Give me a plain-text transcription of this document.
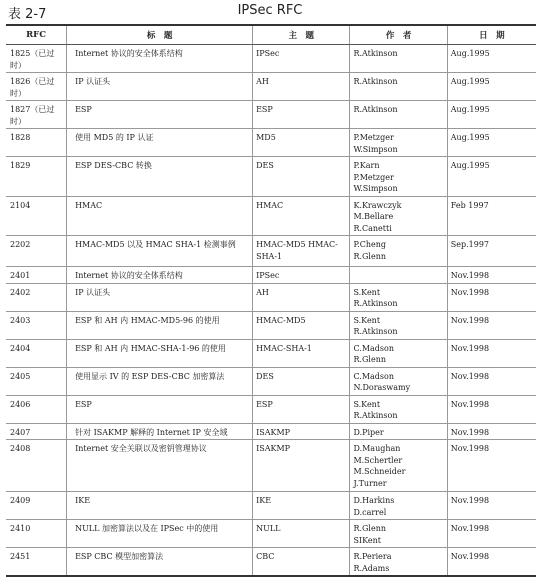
表 2-7	IPSec RFC
RFC	标　题	主　题	作　者	日　期
1825（已过时）	Internet 协议的安全体系结构	IPSec	R.Atkinson	Aug.1995
1826（已过时）	IP 认证头	AH	R.Atkinson	Aug.1995
1827（已过时）	ESP	ESP	R.Atkinson	Aug.1995
1828	使用 MD5 的 IP 认证	MD5	P.Metzger
W.Simpson	Aug.1995
1829	ESP DES-CBC 转换	DES	P.Karn
P.Metzger
W.Simpson	Aug.1995
2104	HMAC	HMAC	K.Krawczyk
M.Bellare
R.Canetti	Feb 1997
2202	HMAC-MD5 以及 HMAC SHA-1 检测事例	HMAC-MD5 HMAC-SHA-1	P.Cheng
R.Glenn	Sep.1997
2401	Internet 协议的安全体系结构	IPSec		Nov.1998
2402	IP 认证头	AH	S.Kent
R.Atkinson	Nov.1998
2403	ESP 和 AH 内 HMAC-MD5-96 的使用	HMAC-MD5	S.Kent
R.Atkinson	Nov.1998
2404	ESP 和 AH 内 HMAC-SHA-1-96 的使用	HMAC-SHA-1	C.Madson
R.Glenn	Nov.1998
2405	使用显示 IV 的 ESP DES-CBC 加密算法	DES	C.Madson
N.Doraswamy	Nov.1998
2406	ESP	ESP	S.Kent
R.Atkinson	Nov.1998
2407	针对 ISAKMP 解释的 Internet IP 安全域	ISAKMP	D.Piper	Nov.1998
2408	Internet 安全关联以及密钥管理协议	ISAKMP	D.Maughan
M.Schertler
M.Schneider
J.Turner	Nov.1998
2409	IKE	IKE	D.Harkins
D.carrel	Nov.1998
2410	NULL 加密算法以及在 IPSec 中的使用	NULL	R.Glenn
SIKent	Nov.1998
2451	ESP CBC 模型加密算法	CBC	R.Periera
R.Adams	Nov.1998
